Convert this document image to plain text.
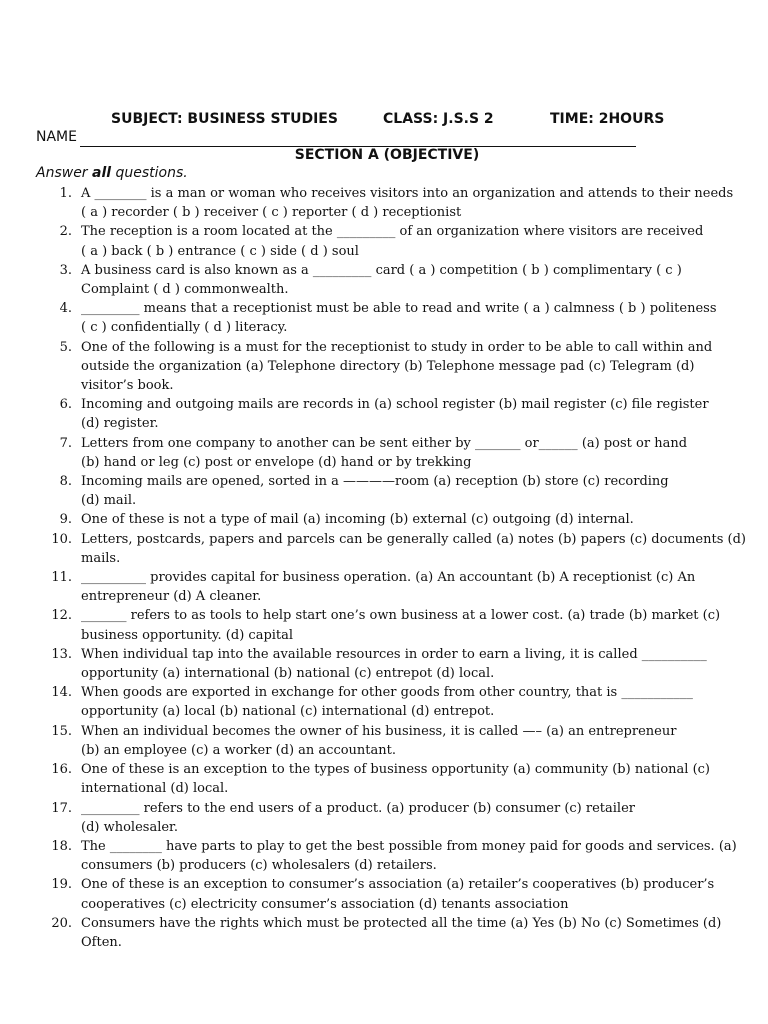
SUBJECT: BUSINESS STUDIES	CLASS: J.S.S 2	TIME: 2HOURS
NAME
SECTION A (OBJECTIVE)
Answer all questions.
1. A ________ is a man or woman who receives visitors into an organization and attends to their needs
( a ) recorder ( b ) receiver ( c ) reporter ( d ) receptionist
2. The reception is a room located at the _________ of an organization where visitors are received
( a ) back ( b ) entrance ( c ) side ( d ) soul
3. A business card is also known as a _________ card ( a ) competition ( b ) complimentary ( c )
Complaint ( d ) commonwealth.
4. _________ means that a receptionist must be able to read and write ( a ) calmness ( b ) politeness
( c ) confidentially ( d ) literacy.
5. One of the following is a must for the receptionist to study in order to be able to call within and
outside the organization (a) Telephone directory (b) Telephone message pad (c) Telegram (d)
visitor’s book.
6. Incoming and outgoing mails are records in (a) school register (b) mail register (c) file register
(d) register.
7. Letters from one company to another can be sent either by _______ or______ (a) post or hand
(b) hand or leg (c) post or envelope (d) hand or by trekking
8. Incoming mails are opened, sorted in a ————room (a) reception (b) store (c) recording
(d) mail.
9. One of these is not a type of mail (a) incoming (b) external (c) outgoing (d) internal.
10. Letters, postcards, papers and parcels can be generally called (a) notes (b) papers (c) documents (d)
mails.
11. __________ provides capital for business operation. (a) An accountant (b) A receptionist (c) An
entrepreneur (d) A cleaner.
12. _______ refers to as tools to help start one’s own business at a lower cost. (a) trade (b) market (c)
business opportunity. (d) capital
13. When individual tap into the available resources in order to earn a living, it is called __________
opportunity (a) international (b) national (c) entrepot (d) local.
14. When goods are exported in exchange for other goods from other country, that is ___________
opportunity (a) local (b) national (c) international (d) entrepot.
15. When an individual becomes the owner of his business, it is called —– (a) an entrepreneur
(b) an employee (c) a worker (d) an accountant.
16. One of these is an exception to the types of business opportunity (a) community (b) national (c)
international (d) local.
17. _________ refers to the end users of a product. (a) producer (b) consumer (c) retailer
(d) wholesaler.
18. The ________ have parts to play to get the best possible from money paid for goods and services. (a)
consumers (b) producers (c) wholesalers (d) retailers.
19. One of these is an exception to consumer’s association (a) retailer’s cooperatives (b) producer’s
cooperatives (c) electricity consumer’s association (d) tenants association
20. Consumers have the rights which must be protected all the time (a) Yes (b) No (c) Sometimes (d)
Often.
